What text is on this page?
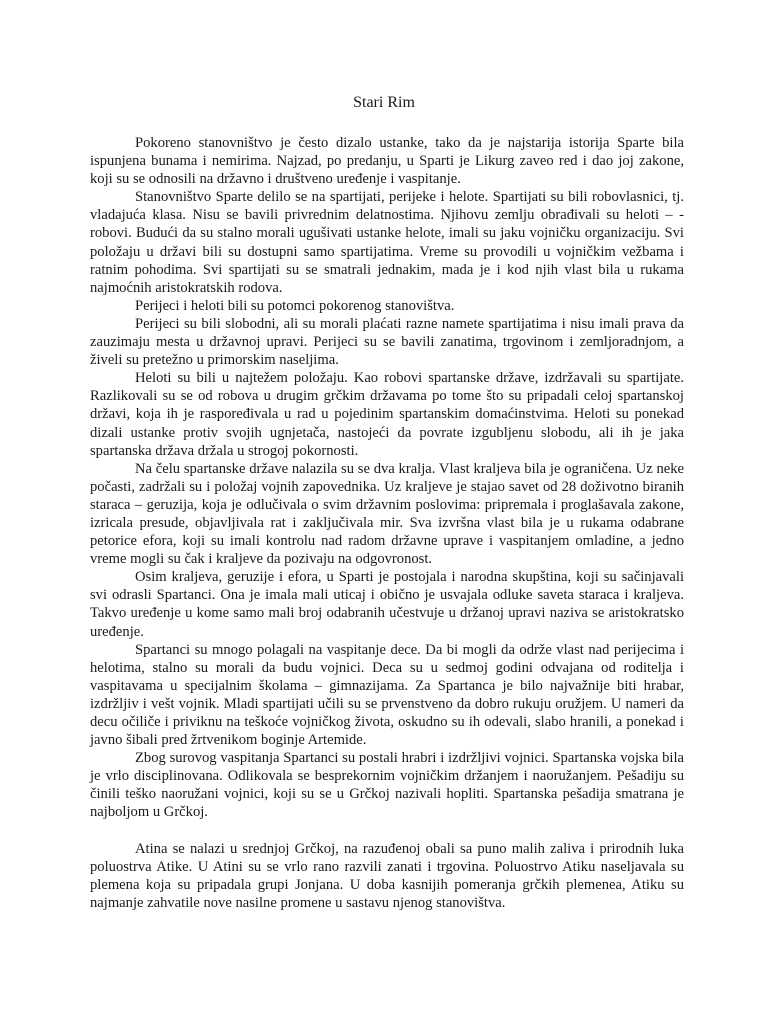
Stari Rim

Pokoreno stanovništvo je često dizalo ustanke, tako da je najstarija istorija Sparte bila ispunjena bunama i nemirima. Najzad, po predanju, u Sparti je Likurg zaveo red i dao joj zakone, koji su se odnosili na državno i društveno uređenje i vaspitanje.

Stanovništvo Sparte delilo se na spartijati, perijeke i helote. Spartijati su bili robovlasnici, tj. vladajuća klasa. Nisu se bavili privrednim delatnostima. Njihovu zemlju obrađivali su heloti – - robovi. Budući da su stalno morali ugušivati ustanke helote, imali su jaku vojničku organizaciju. Svi položaju u državi bili su dostupni samo spartijatima. Vreme su provodili u vojničkim vežbama i ratnim pohodima. Svi spartijati su se smatrali jednakim, mada je i kod njih vlast bila u rukama najmoćnih aristokratskih rodova.

Perijeci i heloti bili su potomci pokorenog stanovištva.

Perijeci su bili slobodni, ali su morali plaćati razne namete spartijatima i nisu imali prava da zauzimaju mesta u državnoj upravi. Perijeci su se bavili zanatima, trgovinom i zemljoradnjom, a živeli su pretežno u primorskim naseljima.

Heloti su bili u najtežem položaju. Kao robovi spartanske države, izdržavali su spartijate. Razlikovali su se od robova u drugim grčkim državama po tome što su pripadali celoj spartanskoj državi, koja ih je raspoređivala u rad u pojedinim spartanskim domaćinstvima. Heloti su ponekad dizali ustanke protiv svojih ugnjetača, nastojeći da povrate izgubljenu slobodu, ali ih je jaka spartanska država držala u strogoj pokornosti.

Na čelu spartanske države nalazila su se dva kralja. Vlast kraljeva bila je ograničena. Uz neke počasti, zadržali su i položaj vojnih zapovednika. Uz kraljeve je stajao savet od 28 doživotno biranih staraca – geruzija, koja je odlučivala o svim državnim poslovima: pripremala i proglašavala zakone, izricala presude, objavljivala rat i zaključivala mir. Sva izvršna vlast bila je u rukama odabrane petorice efora, koji su imali kontrolu nad radom državne uprave i vaspitanjem omladine, a jedno vreme mogli su čak i kraljeve da pozivaju na odgovronost.

Osim kraljeva, geruzije i efora, u Sparti je postojala i narodna skupština, koji su sačinjavali svi odrasli Spartanci. Ona je imala mali uticaj i obično je usvajala odluke saveta staraca i kraljeva. Takvo uređenje u kome samo mali broj odabranih učestvuje u držanoj upravi naziva se aristokratsko uređenje.

Spartanci su mnogo polagali na vaspitanje dece. Da bi mogli da održe vlast nad perijecima i helotima, stalno su morali da budu vojnici. Deca su u sedmoj godini odvajana od roditelja i vaspitavama u specijalnim školama – gimnazijama. Za Spartanca je bilo najvažnije biti hrabar, izdržljiv i vešt vojnik. Mladi spartijati učili su se prvenstveno da dobro rukuju oružjem. U nameri da decu očiliče i priviknu na teškoće vojničkog života, oskudno su ih odevali, slabo hranili, a ponekad i javno šibali pred žrtvenikom boginje Artemide.

Zbog surovog vaspitanja Spartanci su postali hrabri i izdržljivi vojnici. Spartanska vojska bila je vrlo disciplinovana. Odlikovala se besprekornim vojničkim držanjem i naoružanjem. Pešadiju su činili teško naoružani vojnici, koji su se u Grčkoj nazivali hopliti. Spartanska pešadija smatrana je najboljom u Grčkoj.

Atina se nalazi u srednjoj Grčkoj, na razuđenoj obali sa puno malih zaliva i prirodnih luka poluostrva Atike. U Atini su se vrlo rano razvili zanati i trgovina. Poluostrvo Atiku naseljavala su plemena koja su pripadala grupi Jonjana. U doba kasnijih pomeranja grčkih plemenea, Atiku su najmanje zahvatile nove nasilne promene u sastavu njenog stanovištva.
